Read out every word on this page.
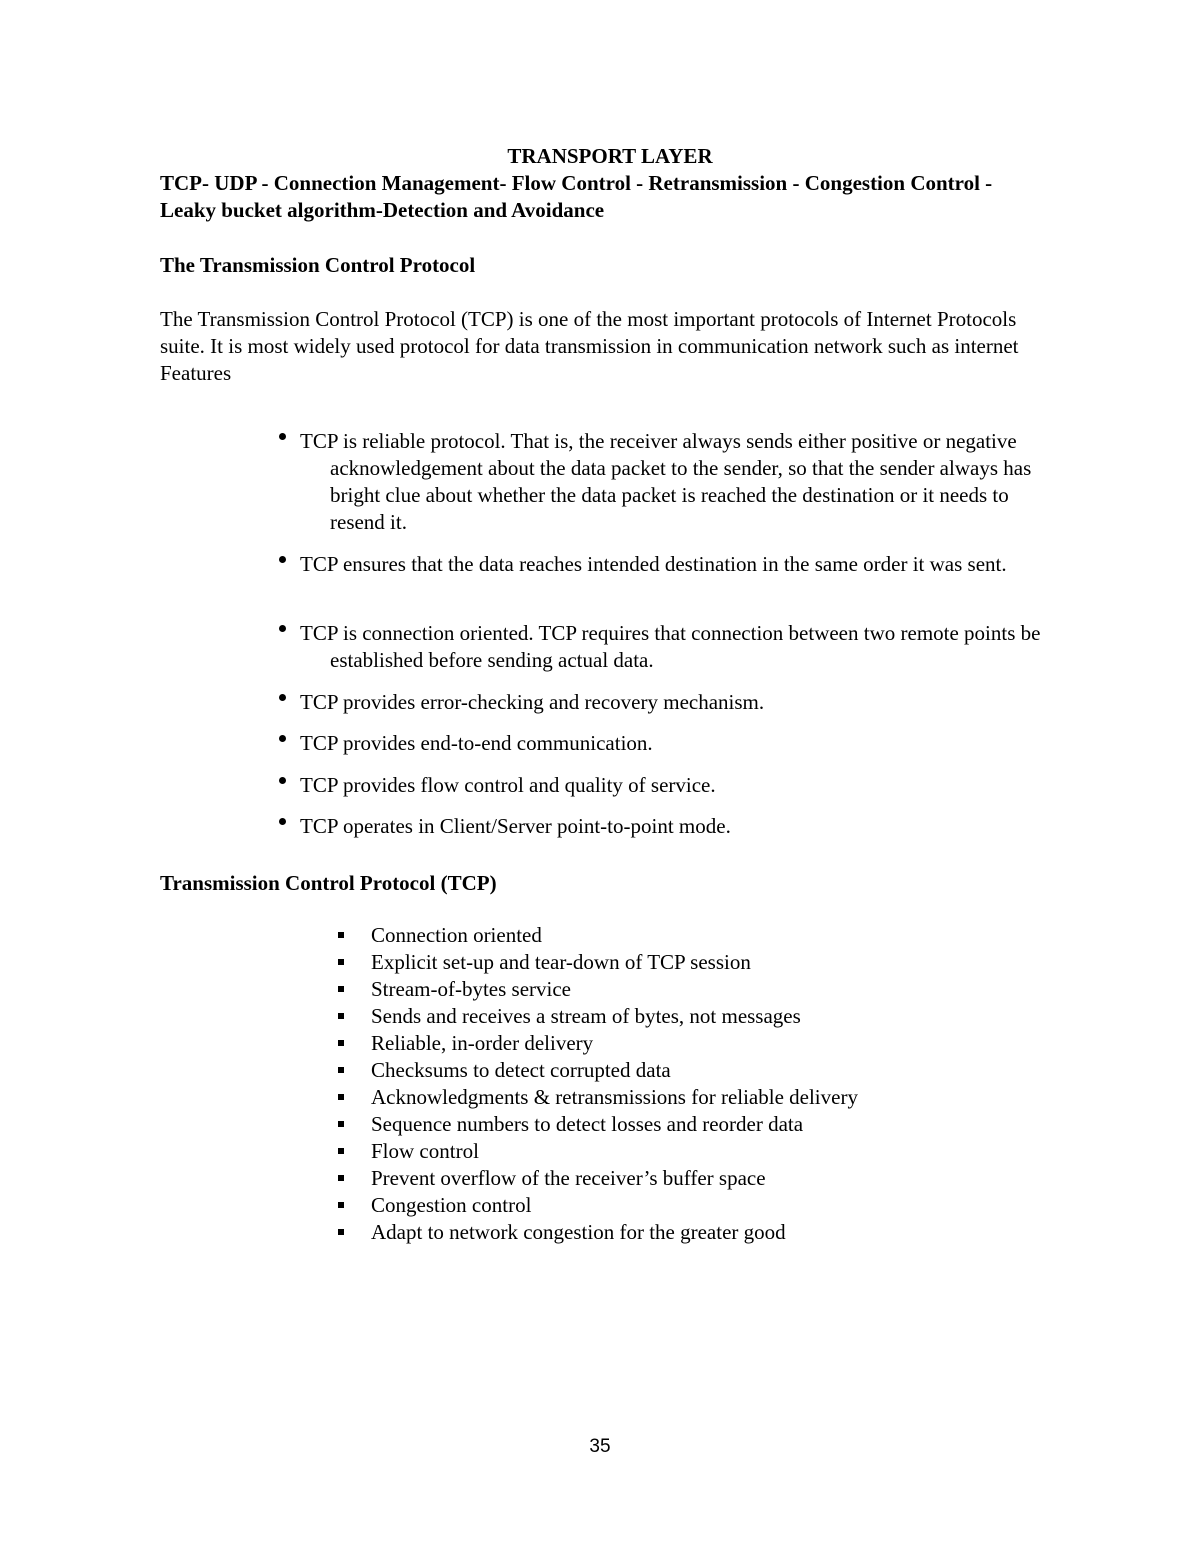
TRANSPORT LAYER

TCP- UDP - Connection Management- Flow Control - Retransmission - Congestion Control - Leaky bucket algorithm-Detection and Avoidance

The Transmission Control Protocol

The Transmission Control Protocol (TCP) is one of the most important protocols of Internet Protocols suite. It is most widely used protocol for data transmission in communication network such as internet Features

TCP is reliable protocol. That is, the receiver always sends either positive or negative acknowledgement about the data packet to the sender, so that the sender always has bright clue about whether the data packet is reached the destination or it needs to resend it.
TCP ensures that the data reaches intended destination in the same order it was sent.
TCP is connection oriented. TCP requires that connection between two remote points be established before sending actual data.
TCP provides error-checking and recovery mechanism.
TCP provides end-to-end communication.
TCP provides flow control and quality of service.
TCP operates in Client/Server point-to-point mode.
Transmission Control Protocol (TCP)
Connection oriented
Explicit set-up and tear-down of TCP session
Stream-of-bytes service
Sends and receives a stream of bytes, not messages
Reliable, in-order delivery
Checksums to detect corrupted data
Acknowledgments & retransmissions for reliable delivery
Sequence numbers to detect losses and reorder data
Flow control
Prevent overflow of the receiver’s buffer space
Congestion control
Adapt to network congestion for the greater good

35
